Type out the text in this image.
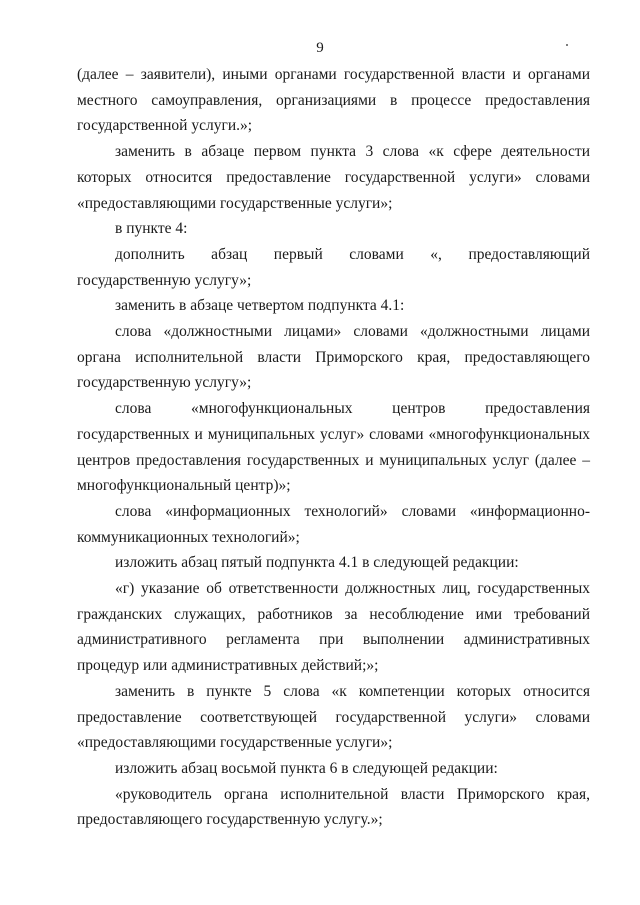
9

(далее – заявители), иными органами государственной власти и органами местного самоуправления, организациями в процессе предоставления государственной услуги.»;

заменить в абзаце первом пункта 3 слова «к сфере деятельности которых относится предоставление государственной услуги» словами «предоставляющими государственные услуги»;

в пункте 4:

дополнить абзац первый словами «, предоставляющий государственную услугу»;

заменить в абзаце четвертом подпункта 4.1:

слова «должностными лицами» словами «должностными лицами органа исполнительной власти Приморского края, предоставляющего государственную услугу»;

слова «многофункциональных центров предоставления государственных и муниципальных услуг» словами «многофункциональных центров предоставления государственных и муниципальных услуг (далее – многофункциональный центр)»;

слова «информационных технологий» словами «информационно-коммуникационных технологий»;

изложить абзац пятый подпункта 4.1 в следующей редакции:

«г) указание об ответственности должностных лиц, государственных гражданских служащих, работников за несоблюдение ими требований административного регламента при выполнении административных процедур или административных действий;»;

заменить в пункте 5 слова «к компетенции которых относится предоставление соответствующей государственной услуги» словами «предоставляющими государственные услуги»;

изложить абзац восьмой пункта 6 в следующей редакции:

«руководитель органа исполнительной власти Приморского края, предоставляющего государственную услугу.»;
